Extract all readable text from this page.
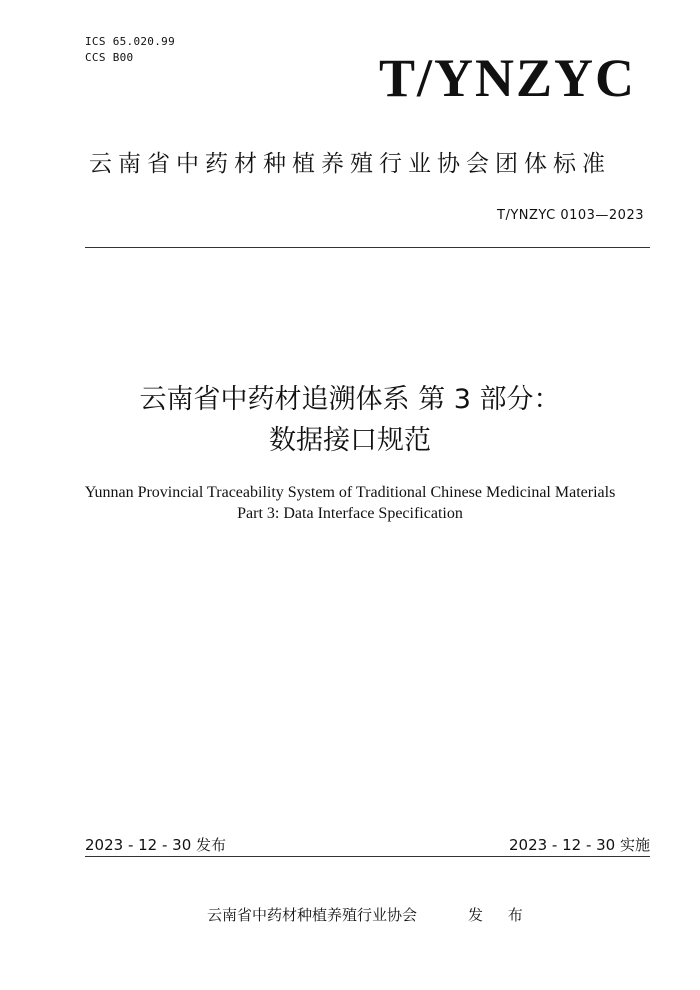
ICS 65.020.99
CCS B00	T/YNZYC
云南省中药材种植养殖行业协会团体标准
T/YNZYC 0103—2023
云南省中药材追溯体系 第 3 部分：
数据接口规范
Yunnan Provincial Traceability System of Traditional Chinese Medicinal Materials
Part 3: Data Interface Specification
2023 - 12 - 30 发布	2023 - 12 - 30 实施
云南省中药材种植养殖行业协会	发 布
